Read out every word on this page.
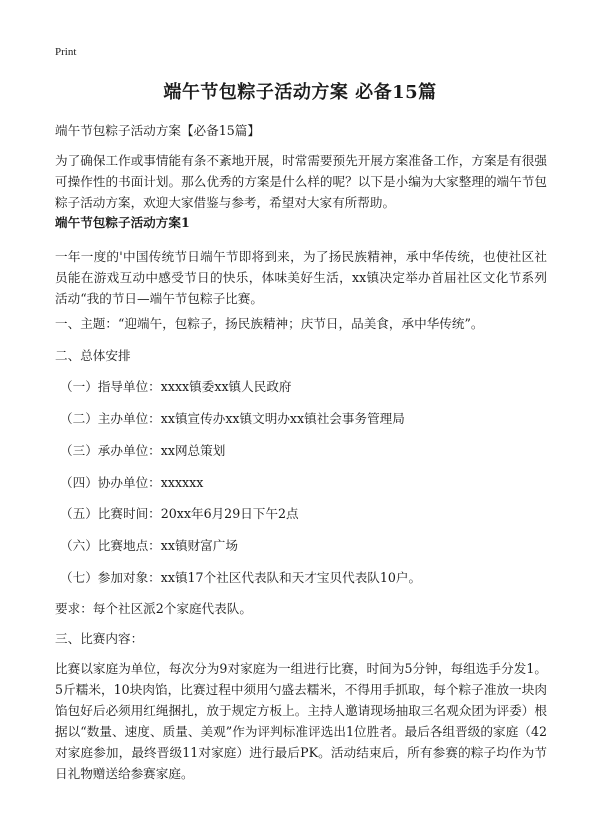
Print
端午节包粽子活动方案 必备15篇

端午节包粽子活动方案【必备15篇】

为了确保工作或事情能有条不紊地开展，时常需要预先开展方案准备工作，方案是有很强可操作性的书面计划。那么优秀的方案是什么样的呢？以下是小编为大家整理的端午节包粽子活动方案，欢迎大家借鉴与参考，希望对大家有所帮助。

端午节包粽子活动方案1

一年一度的'中国传统节日端午节即将到来，为了扬民族精神，承中华传统，也使社区社员能在游戏互动中感受节日的快乐，体味美好生活，xx镇决定举办首届社区文化节系列活动“我的节日—端午节包粽子比赛。

一、主题：“迎端午，包粽子，扬民族精神；庆节日，品美食，承中华传统”。

二、总体安排

（一）指导单位：xxxx镇委xx镇人民政府
（二）主办单位：xx镇宣传办xx镇文明办xx镇社会事务管理局
（三）承办单位：xx网总策划
（四）协办单位：xxxxxx
（五）比赛时间：20xx年6月29日下午2点
（六）比赛地点：xx镇财富广场
（七）参加对象：xx镇17个社区代表队和天才宝贝代表队10户。

要求：每个社区派2个家庭代表队。

三、比赛内容：

比赛以家庭为单位，每次分为9对家庭为一组进行比赛，时间为5分钟，每组选手分发1。5斤糯米，10块肉馅，比赛过程中须用勺盛去糯米，不得用手抓取，每个粽子准放一块肉馅包好后必须用红绳捆扎，放于规定方板上。主持人邀请现场抽取三名观众团为评委）根据以“数量、速度、质量、美观”作为评判标准评选出1位胜者。最后各组晋级的家庭（42对家庭参加，最终晋级11对家庭）进行最后PK。活动结束后，所有参赛的粽子均作为节日礼物赠送给参赛家庭。
